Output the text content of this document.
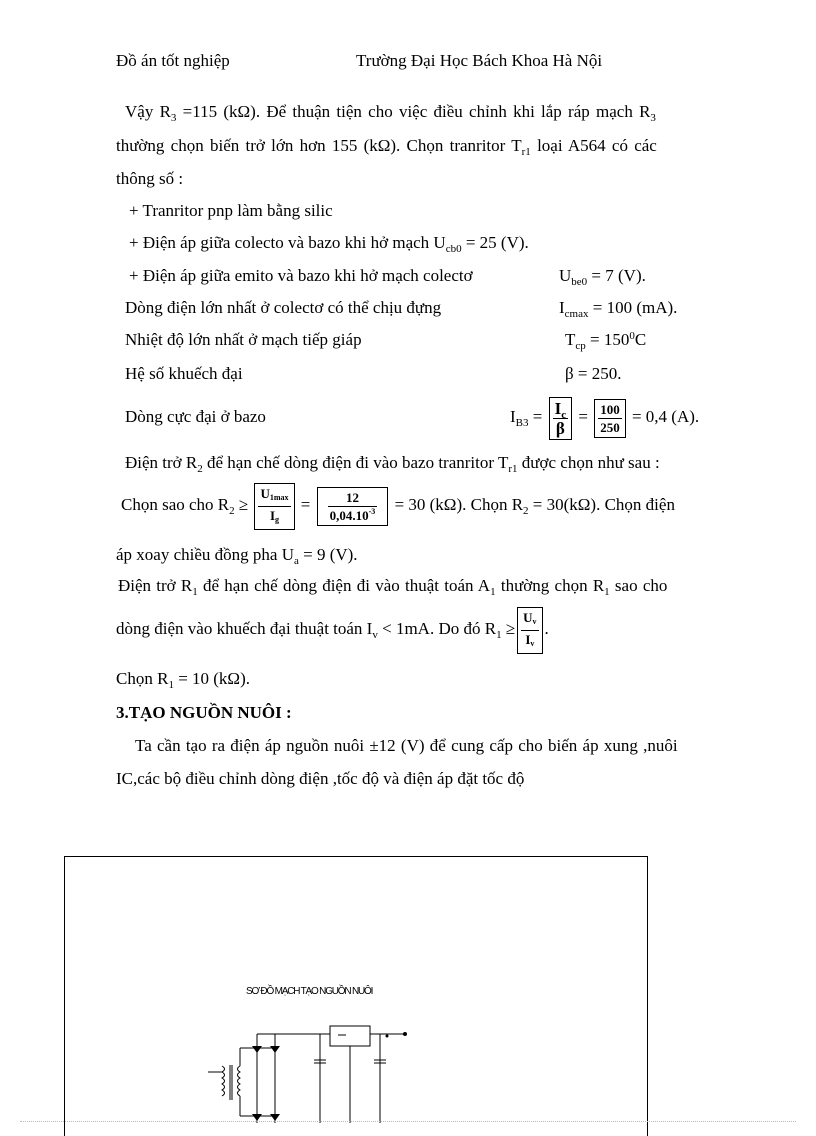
Đồ án tốt nghiệp	Trường Đại Học Bách Khoa Hà Nội
Vậy $R_3 =115$ (kΩ). Để thuận tiện cho việc điều chỉnh khi lắp ráp mạch $R_3$
thường chọn biến trở lớn hơn 155 (kΩ). Chọn tranritor $T_{r1}$ loại A564 có các
thông số :
+ Tranritor pnp làm bằng silic
+ Điện áp giữa colecto và bazo khi hở mạch $U_{cb0} = 25$ (V).
+ Điện áp giữa emito và bazo khi hở mạch colectơ	$U_{be0} = 7$ (V).
Dòng điện lớn nhất ở colectơ có thể chịu đựng	$I_{cmax} = 100$ (mA).
Nhiệt độ lớn nhất ở mạch tiếp giáp	$T_{cp} = 150^0C$
Hệ số khuếch đại	β = 250.
Dòng cực đại ở bazo	$I_{B3} = \frac{I_c}{\beta} = \frac{100}{250} = 0,4$ (A).
Điện trở $R_2$ để hạn chế dòng điện đi vào bazo tranritor $T_{r1}$ được chọn như sau :
Chọn sao cho $R_2 \ge \frac{U1\max}{Ig} = \frac{12}{0,04.10^{-3}} = 30$ (kΩ). Chọn $R_2 = 30(k\Omega)$. Chọn điện
áp xoay chiều đồng pha $U_a = 9$ (V).
Điện trở $R_1$ để hạn chế dòng điện đi vào thuật toán $A_1$ thường chọn $R_1$ sao cho
dòng điện vào khuếch đại thuật toán $I_v < 1mA$. Do đó $R_1 \ge \frac{Uv}{Iv}$ .
Chọn $R_1 = 10$ (kΩ).
3.TẠO NGUỒN NUÔI :
Ta cần tạo ra điện áp nguồn nuôi ±12 (V) để cung cấp cho biến áp xung ,nuôi
IC,các bộ điều chỉnh dòng điện ,tốc độ và điện áp đặt tốc độ
SƠ ĐỒ MẠCH TẠO NGUỒN NUÔI
